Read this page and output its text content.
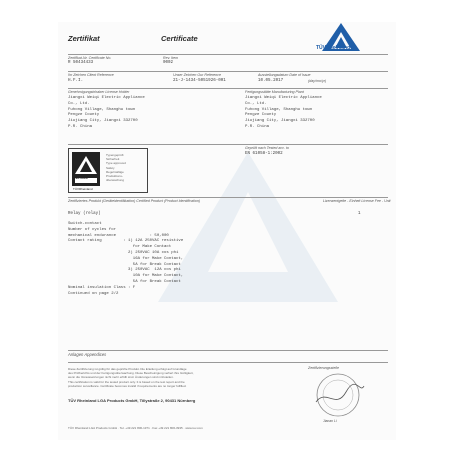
Zertifikat	Certificate
TÜVRheinland
Zertifikat-Nr. Certificate No.	Rev. Item
R 50434433	0002
Ihr Zeichen Client Reference	Unser Zeichen Our Reference	Ausstellungsdatum Date of Issue
H.F.I.	21-J-1434-5051926-001	10.05.2017	(day/mo/yr)
Genehmigungsinhaber License Holder	Fertigungsstätte Manufacturing Plant
Jiangxi Weiqi Electric Appliance
Co., Ltd.
Fuhong Village, Shanghu town
Pengze County
Jiujiang City, Jiangxi 332700
P.R. China
Jiangxi Weiqi Electric Appliance
Co., Ltd.
Fuhong Village, Shanghu town
Pengze County
Jiujiang City, Jiangxi 332700
P.R. China
CERTIFIED
TÜVRheinland
Typengeprüft
Sicherheit
Type approved
Safety
Regelmäßige
Produktions-
überwachung
Geprüft nach Tested acc. to
EN 61058-1:2002
Zertifiziertes Produkt (Geräteidentifikation) Certified Product (Product Identification)	Lizenzentgelte - Einheit License Fee - Unit
Relay (relay)	1
Switch-contact
Number of cycles for
mechanical endurance              : 50,000
Contact rating         : 1) 12A 250VAC resistive
for Make Contact
2) 250VAC 10A cos phi
16A for Make Contact,
5A for Break Contact
3) 250VAC  12A cos phi
10A for Make Contact,
5A for Break Contact
Nominal insulation Class : F
Continued on page 2/2
Anlagen Appendices
Diese Zertifizierung ist gültig für das geprüfte Produkt. Die Erteilung erfolgt auf Grundlage
des Prüfberichts und der Fertigungsüberwachung. Diese Bescheinigung verliert ihre Gültigkeit,
wenn die Voraussetzungen nicht mehr erfüllt sind. Änderungen sind mitzuteilen.
This certification is valid for the tested product only. It is based on the test report and the
production surveillance. Certificate becomes invalid if requirements are no longer fulfilled.
Zertifizierungsstelle
Jianan Li
TÜV Rheinland LGA Products GmbH, Tillystraße 2, 90431 Nürnberg
TÜV Rheinland LGA Products GmbH · Tel. +49 221 806-1371 · Fax +49 221 806-3935 · www.tuv.com
